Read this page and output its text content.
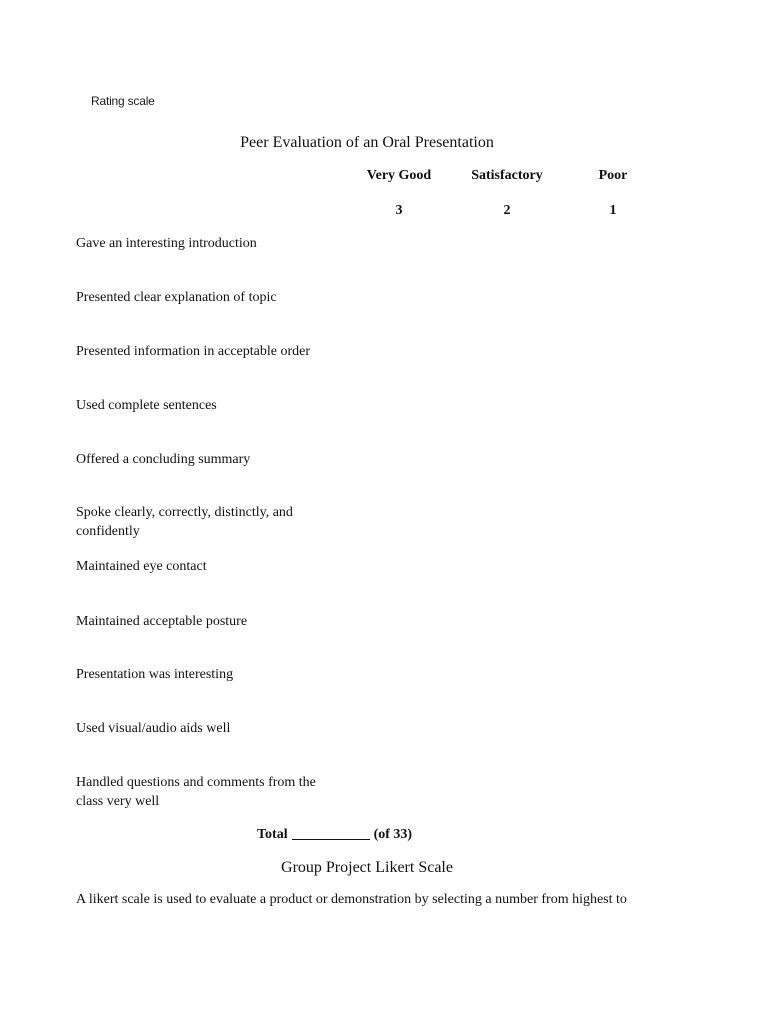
Rating scale
Peer Evaluation of an Oral Presentation
Very Good	Satisfactory	Poor
3	2	1
Gave an interesting introduction
Presented clear explanation of topic
Presented information in acceptable order
Used complete sentences
Offered a concluding summary
Spoke clearly, correctly, distinctly, and confidently
Maintained eye contact
Maintained acceptable posture
Presentation was interesting
Used visual/audio aids well
Handled questions and comments from the class very well
Total	(of 33)
Group Project Likert Scale
A likert scale is used to evaluate a product or demonstration by selecting a number from highest to
